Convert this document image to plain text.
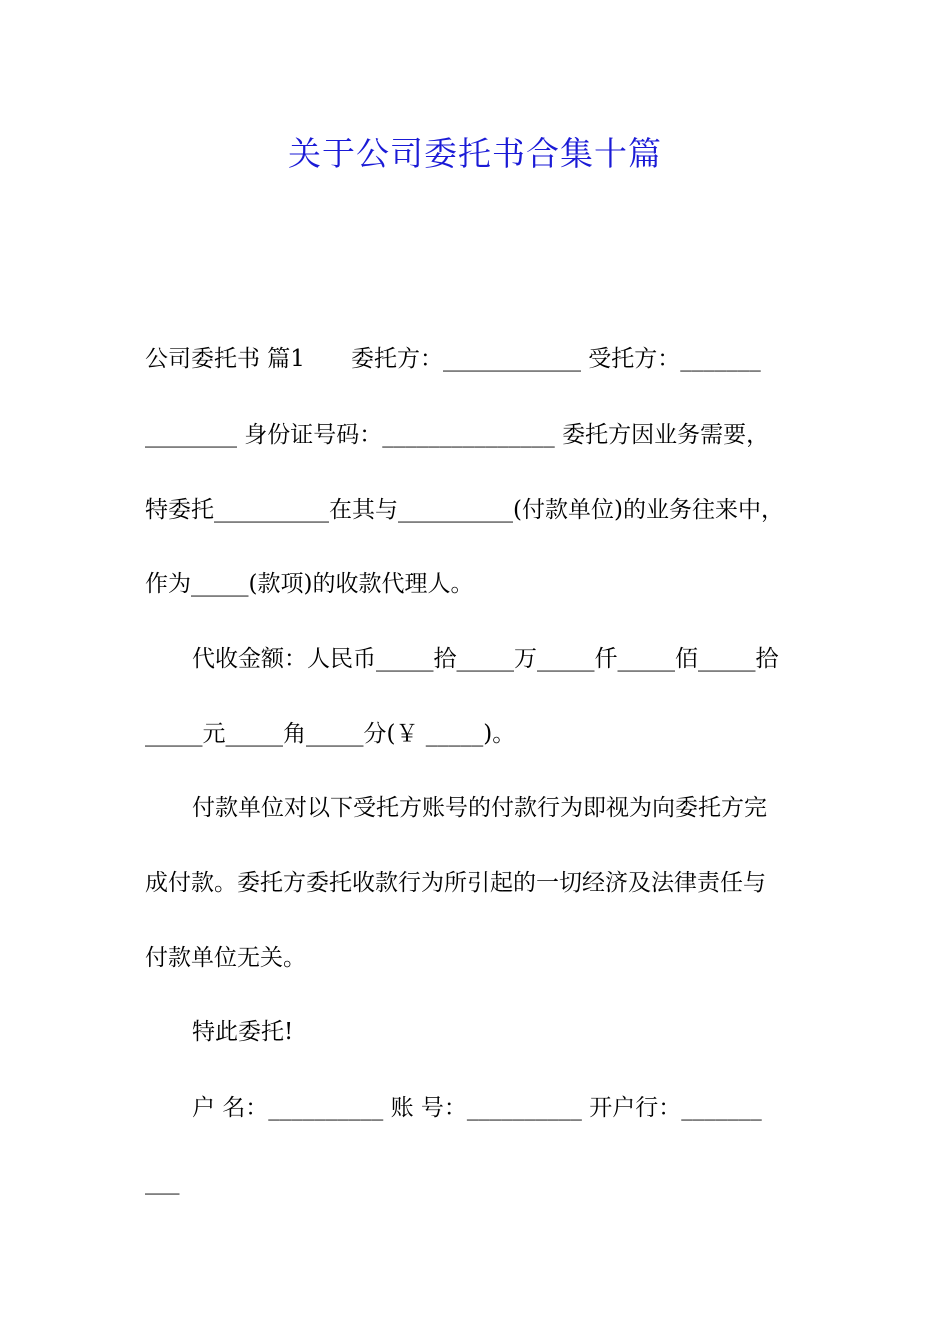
关于公司委托书合集十篇
公司委托书 篇1　　委托方：____________ 受托方：_______
________ 身份证号码：_______________ 委托方因业务需要，
特委托__________在其与__________(付款单位)的业务往来中，
作为_____(款项)的收款代理人。
代收金额：人民币_____拾_____万_____仟_____佰_____拾
_____元_____角_____分(￥ _____)。
付款单位对以下受托方账号的付款行为即视为向委托方完
成付款。委托方委托收款行为所引起的一切经济及法律责任与
付款单位无关。
特此委托!
户 名：__________ 账 号：__________ 开户行：_______
___
